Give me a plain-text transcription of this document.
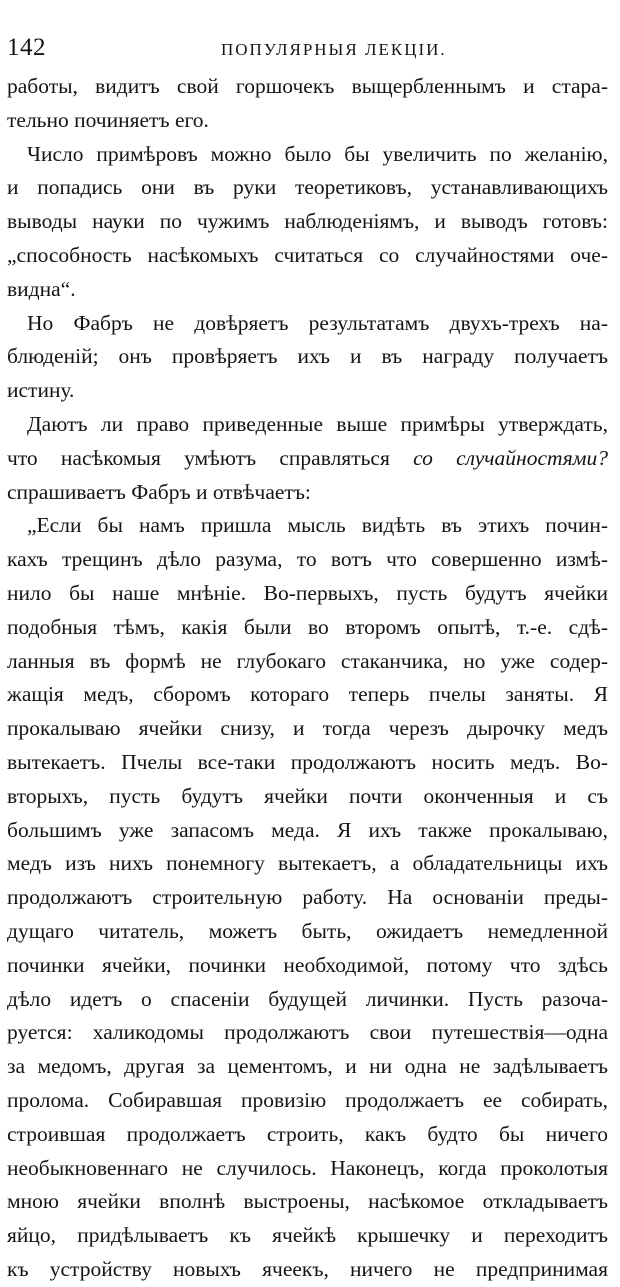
142	ПОПУЛЯРНЫЯ ЛЕКЦІИ.
работы, видитъ свой горшочекъ выщербленнымъ и стара-
тельно починяетъ его.
Число примѣровъ можно было бы увеличить по желанію,
и попадись они въ руки теоретиковъ, устанавливающихъ
выводы науки по чужимъ наблюденіямъ, и выводъ готовъ:
„способность насѣкомыхъ считаться со случайностями оче-
видна“.
Но Фабръ не довѣряетъ результатамъ двухъ-трехъ на-
блюденій; онъ провѣряетъ ихъ и въ награду получаетъ
истину.
Даютъ ли право приведенные выше примѣры утверждать,
что насѣкомыя умѣютъ справляться со случайностями?
спрашиваетъ Фабръ и отвѣчаетъ:
„Если бы намъ пришла мысль видѣть въ этихъ почин-
кахъ трещинъ дѣло разума, то вотъ что совершенно измѣ-
нило бы наше мнѣніе. Во-первыхъ, пусть будутъ ячейки
подобныя тѣмъ, какія были во второмъ опытѣ, т.-е. сдѣ-
ланныя въ формѣ не глубокаго стаканчика, но уже содер-
жащія медъ, сборомъ котораго теперь пчелы заняты. Я
прокалываю ячейки снизу, и тогда черезъ дырочку медъ
вытекаетъ. Пчелы все-таки продолжаютъ носить медъ. Во-
вторыхъ, пусть будутъ ячейки почти оконченныя и съ
большимъ уже запасомъ меда. Я ихъ также прокалываю,
медъ изъ нихъ понемногу вытекаетъ, а обладательницы ихъ
продолжаютъ строительную работу. На основаніи преды-
дущаго читатель, можетъ быть, ожидаетъ немедленной
починки ячейки, починки необходимой, потому что здѣсь
дѣло идетъ о спасеніи будущей личинки. Пусть разоча-
руется: халикодомы продолжаютъ свои путешествія—одна
за медомъ, другая за цементомъ, и ни одна не задѣлываетъ
пролома. Собиравшая провизію продолжаетъ ее собирать,
строившая продолжаетъ строить, какъ будто бы ничего
необыкновеннаго не случилось. Наконецъ, когда проколотыя
мною ячейки вполнѣ выстроены, насѣкомое откладываетъ
яйцо, придѣлываетъ къ ячейкѣ крышечку и переходитъ
къ устройству новыхъ ячеекъ, ничего не предпринимая
